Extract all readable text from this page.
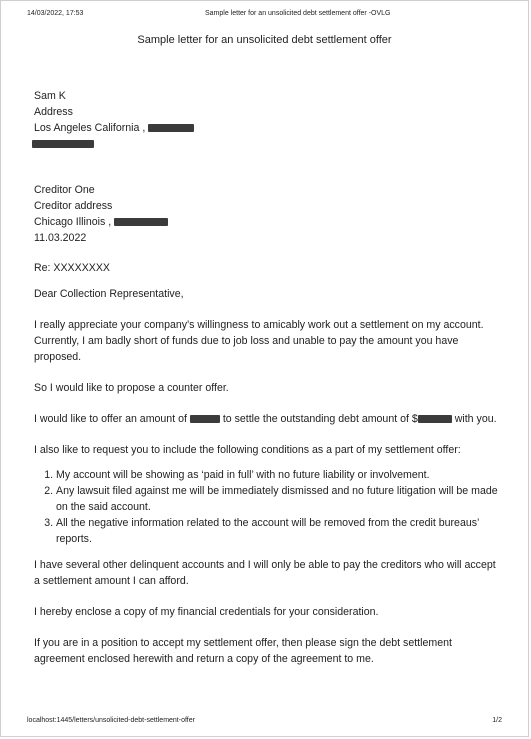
14/03/2022, 17:53	Sample letter for an unsolicited debt settlement offer -OVLG
Sample letter for an unsolicited debt settlement offer
Sam K
Address
Los Angeles California ,
Creditor One
Creditor address
Chicago Illinois ,
11.03.2022

Re: XXXXXXXX

Dear Collection Representative,

I really appreciate your company's willingness to amicably work out a settlement on my account. Currently, I am badly short of funds due to job loss and unable to pay the amount you have proposed.

So I would like to propose a counter offer.

I would like to offer an amount of	to settle the outstanding debt amount of $	with you.

I also like to request you to include the following conditions as a part of my settlement offer:

1. My account will be showing as ‘paid in full’ with no future liability or involvement.
2. Any lawsuit filed against me will be immediately dismissed and no future litigation will be made on the said account.
3. All the negative information related to the account will be removed from the credit bureaus’ reports.

I have several other delinquent accounts and I will only be able to pay the creditors who will accept a settlement amount I can afford.

I hereby enclose a copy of my financial credentials for your consideration.

If you are in a position to accept my settlement offer, then please sign the debt settlement agreement enclosed herewith and return a copy of the agreement to me.

localhost:1445/letters/unsolicited-debt-settlement-offer	1/2
